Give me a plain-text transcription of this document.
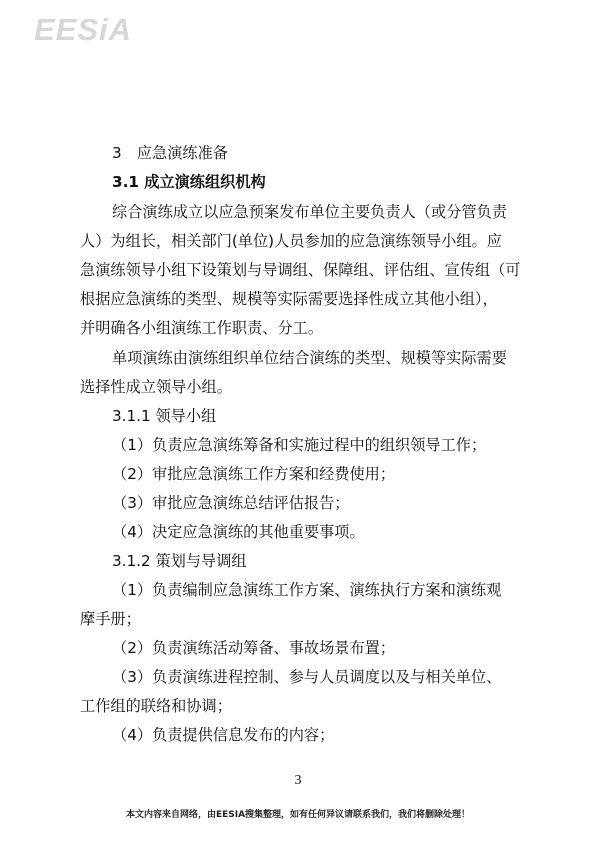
EESiA
3　应急演练准备
3.1 成立演练组织机构
综合演练成立以应急预案发布单位主要负责人（或分管负责
人）为组长，相关部门(单位)人员参加的应急演练领导小组。应
急演练领导小组下设策划与导调组、保障组、评估组、宣传组（可
根据应急演练的类型、规模等实际需要选择性成立其他小组），
并明确各小组演练工作职责、分工。
单项演练由演练组织单位结合演练的类型、规模等实际需要
选择性成立领导小组。
3.1.1 领导小组
（1）负责应急演练筹备和实施过程中的组织领导工作；
（2）审批应急演练工作方案和经费使用；
（3）审批应急演练总结评估报告；
（4）决定应急演练的其他重要事项。
3.1.2 策划与导调组
（1）负责编制应急演练工作方案、演练执行方案和演练观
摩手册；
（2）负责演练活动筹备、事故场景布置；
（3）负责演练进程控制、参与人员调度以及与相关单位、
工作组的联络和协调；
（4）负责提供信息发布的内容；
3
本文内容来自网络，由EESIA搜集整理，如有任何异议请联系我们，我们将删除处理！
